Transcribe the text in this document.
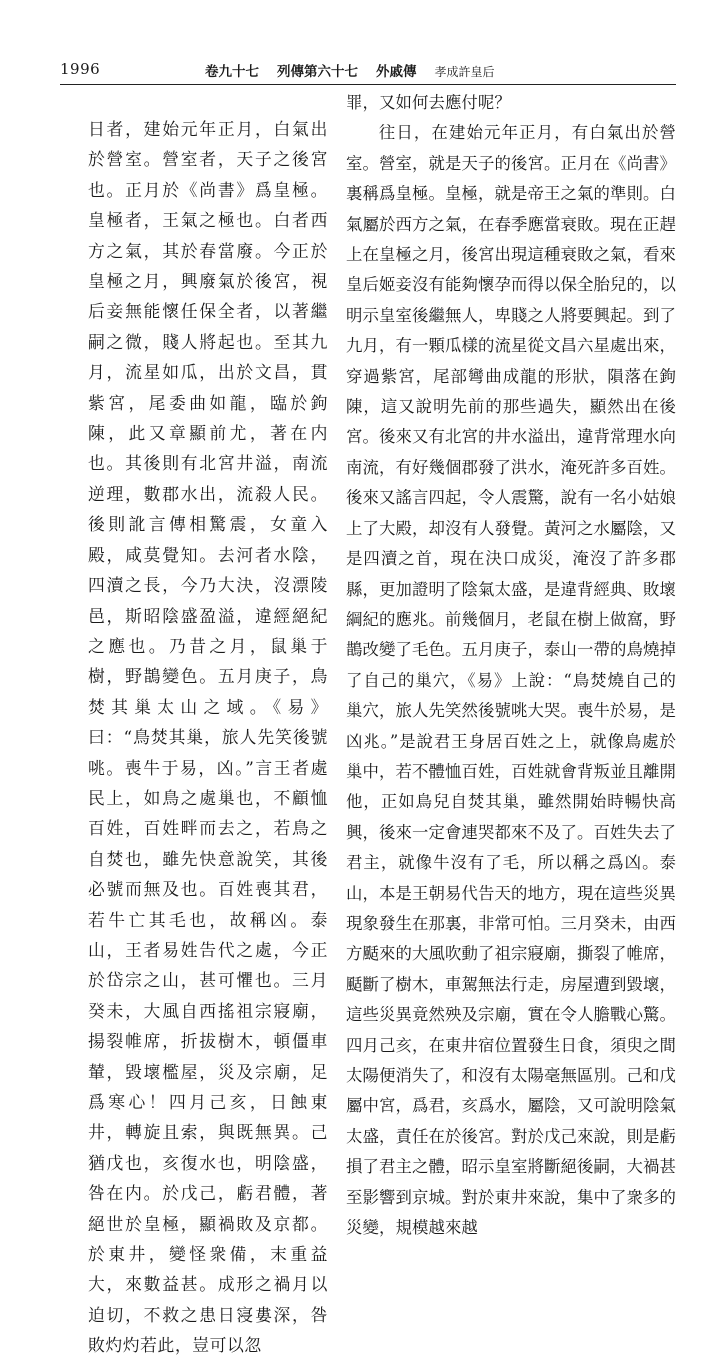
1996	卷九十七 列傳第六十七 外戚傳 孝成許皇后

日者，建始元年正月，白氣出於營室。營室者，天子之後宮也。正月於《尚書》爲皇極。皇極者，王氣之極也。白者西方之氣，其於春當廢。今正於皇極之月，興廢氣於後宮，視后妾無能懷任保全者，以著繼嗣之微，賤人將起也。至其九月，流星如瓜，出於文昌，貫紫宮，尾委曲如龍，臨於鉤陳，此又章顯前尤，著在内也。其後則有北宮井溢，南流逆理，數郡水出，流殺人民。後則訛言傳相驚震，女童入殿，咸莫覺知。去河者水陰，四瀆之長，今乃大決，沒漂陵邑，斯昭陰盛盈溢，違經絕紀之應也。乃昔之月，鼠巢于樹，野鵲變色。五月庚子，鳥焚其巢太山之域。《易》曰：“鳥焚其巢，旅人先笑後號咷。喪牛于易，凶。”言王者處民上，如鳥之處巢也，不顧恤百姓，百姓畔而去之，若鳥之自焚也，雖先快意說笑，其後必號而無及也。百姓喪其君，若牛亡其毛也，故稱凶。泰山，王者易姓告代之處，今正於岱宗之山，甚可懼也。三月癸未，大風自西搖祖宗寢廟，揚裂帷席，折拔樹木，頓僵車輦，毀壞檻屋，災及宗廟，足爲寒心！四月己亥，日蝕東井，轉旋且索，與既無異。己猶戊也，亥復水也，明陰盛，咎在内。於戊己，虧君體，著絕世於皇極，顯禍敗及京都。於東井，變怪衆備，末重益大，來數益甚。成形之禍月以迫切，不救之患日寖婁深，咎敗灼灼若此，豈可以忽

罪，又如何去應付呢？

往日，在建始元年正月，有白氣出於營室。營室，就是天子的後宮。正月在《尚書》裏稱爲皇極。皇極，就是帝王之氣的準則。白氣屬於西方之氣，在春季應當衰敗。現在正趕上在皇極之月，後宮出現這種衰敗之氣，看來皇后姬妾沒有能夠懷孕而得以保全胎兒的，以明示皇室後繼無人，卑賤之人將要興起。到了九月，有一顆瓜樣的流星從文昌六星處出來，穿過紫宮，尾部彎曲成龍的形狀，隕落在鉤陳，這又說明先前的那些過失，顯然出在後宮。後來又有北宮的井水溢出，違背常理水向南流，有好幾個郡發了洪水，淹死許多百姓。後來又謠言四起，令人震驚，說有一名小姑娘上了大殿，却沒有人發覺。黃河之水屬陰，又是四瀆之首，現在決口成災，淹沒了許多郡縣，更加證明了陰氣太盛，是違背經典、敗壞綱紀的應兆。前幾個月，老鼠在樹上做窩，野鵲改變了毛色。五月庚子，泰山一帶的鳥燒掉了自己的巢穴，《易》上說：“鳥焚燒自己的巢穴，旅人先笑然後號咷大哭。喪牛於易，是凶兆。”是說君王身居百姓之上，就像鳥處於巢中，若不體恤百姓，百姓就會背叛並且離開他，正如鳥兒自焚其巢，雖然開始時暢快高興，後來一定會連哭都來不及了。百姓失去了君主，就像牛沒有了毛，所以稱之爲凶。泰山，本是王朝易代告天的地方，現在這些災異現象發生在那裏，非常可怕。三月癸未，由西方颳來的大風吹動了祖宗寢廟，撕裂了帷席，颳斷了樹木，車駕無法行走，房屋遭到毀壞，這些災異竟然殃及宗廟，實在令人膽戰心驚。四月己亥，在東井宿位置發生日食，須臾之間太陽便消失了，和沒有太陽毫無區別。己和戊屬中宮，爲君，亥爲水，屬陰，又可說明陰氣太盛，責任在於後宮。對於戊己來說，則是虧損了君主之體，昭示皇室將斷絕後嗣，大禍甚至影響到京城。對於東井來說，集中了衆多的災變，規模越來越
